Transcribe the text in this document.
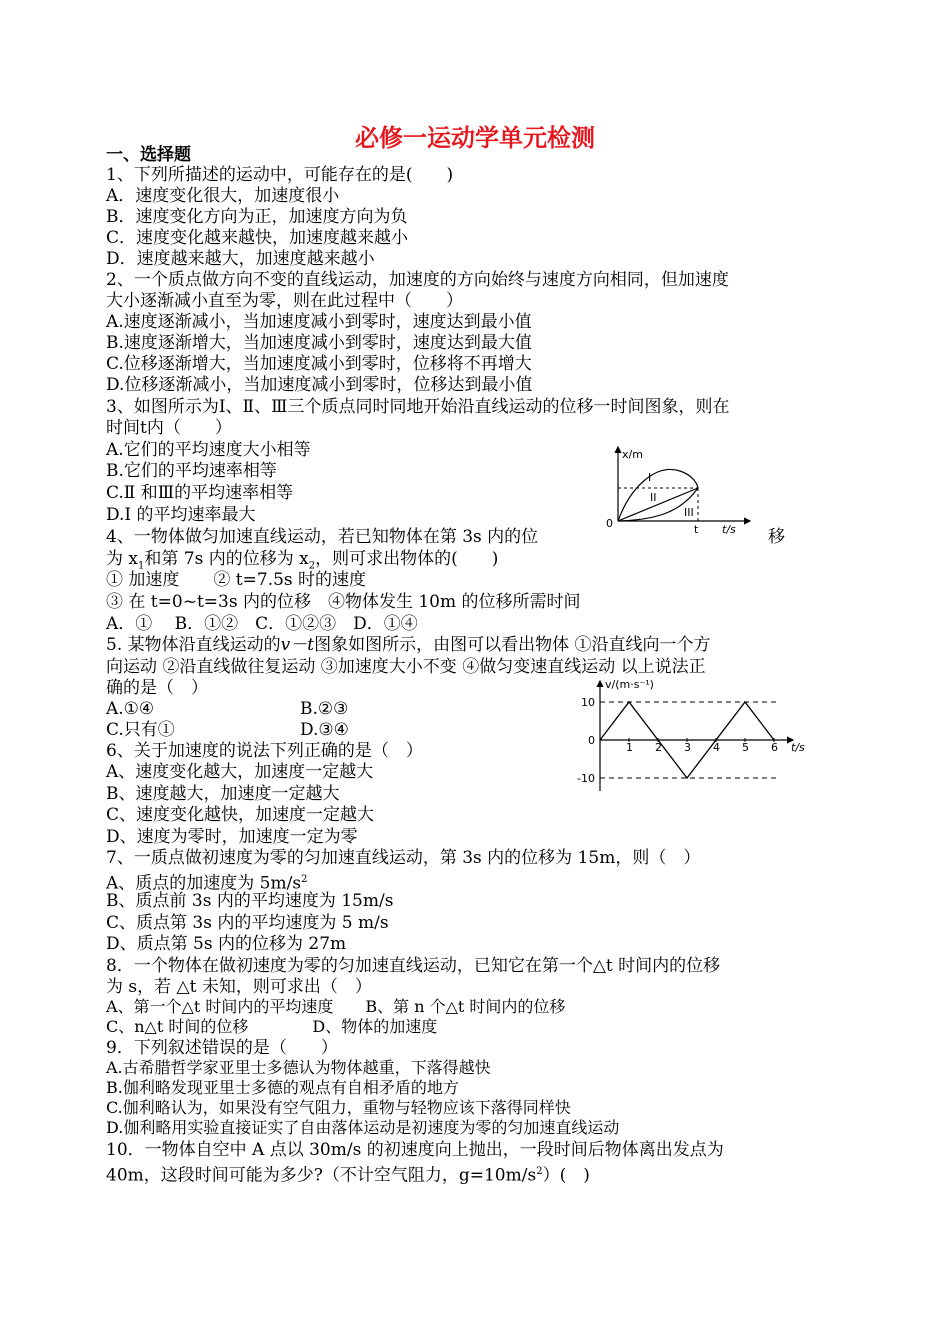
必修一运动学单元检测
一、选择题
1、下列所描述的运动中，可能存在的是(　　)
A．速度变化很大，加速度很小
B．速度变化方向为正，加速度方向为负
C．速度变化越来越快，加速度越来越小
D．速度越来越大，加速度越来越小
2、一个质点做方向不变的直线运动，加速度的方向始终与速度方向相同，但加速度
大小逐渐减小直至为零，则在此过程中（　　）
A.速度逐渐减小，当加速度减小到零时，速度达到最小值
B.速度逐渐增大，当加速度减小到零时，速度达到最大值
C.位移逐渐增大，当加速度减小到零时，位移将不再增大
D.位移逐渐减小，当加速度减小到零时，位移达到最小值
3、如图所示为Ⅰ、Ⅱ、Ⅲ三个质点同时同地开始沿直线运动的位移一时间图象，则在
时间t内（　　）
A.它们的平均速度大小相等
B.它们的平均速率相等
C.Ⅱ 和Ⅲ的平均速率相等
D.Ⅰ 的平均速率最大
x/m
0	t t/s
I
II
III
4、一物体做匀加速直线运动，若已知物体在第 3s 内的位	移
为 $x_1$和第 7s 内的位移为 $x_2$，则可求出物体的(　　)
① 加速度　　② t=7.5s 时的速度
③ 在 t=0~t=3s 内的位移　④物体发生 10m 的位移所需时间
A．①　 B．①②　C．①②③　D．①④
5. 某物体沿直线运动的v－t图象如图所示，由图可以看出物体 ①沿直线向一个方
向运动 ②沿直线做往复运动 ③加速度大小不变 ④做匀变速直线运动 以上说法正
确的是（　）
A.①④	B.②③
C.只有①	D.③④
v/(m·s⁻¹)
t/s
1 2 3 4 5 6
10
0
-10
6、关于加速度的说法下列正确的是（　）
A、速度变化越大，加速度一定越大
B、速度越大，加速度一定越大
C、速度变化越快，加速度一定越大
D、速度为零时，加速度一定为零
7、一质点做初速度为零的匀加速直线运动，第 3s 内的位移为 15m，则（　）
A、质点的加速度为 $5m/s^2$
B、质点前 3s 内的平均速度为 15m/s
C、质点第 3s 内的平均速度为 5 m/s
D、质点第 5s 内的位移为 27m
8．一个物体在做初速度为零的匀加速直线运动，已知它在第一个△t 时间内的位移
为 s，若 △t 未知，则可求出（　）
A、第一个△t 时间内的平均速度　　B、第 n 个△t 时间内的位移
C、n△t 时间的位移　　　　D、物体的加速度
9．下列叙述错误的是（　　）
A.古希腊哲学家亚里士多德认为物体越重，下落得越快
B.伽利略发现亚里士多德的观点有自相矛盾的地方
C.伽利略认为，如果没有空气阻力，重物与轻物应该下落得同样快
D.伽利略用实验直接证实了自由落体运动是初速度为零的匀加速直线运动
10．一物体自空中 A 点以 30m/s 的初速度向上抛出，一段时间后物体离出发点为
40m，这段时间可能为多少?（不计空气阻力，$g=10m/s^2$）(　)
